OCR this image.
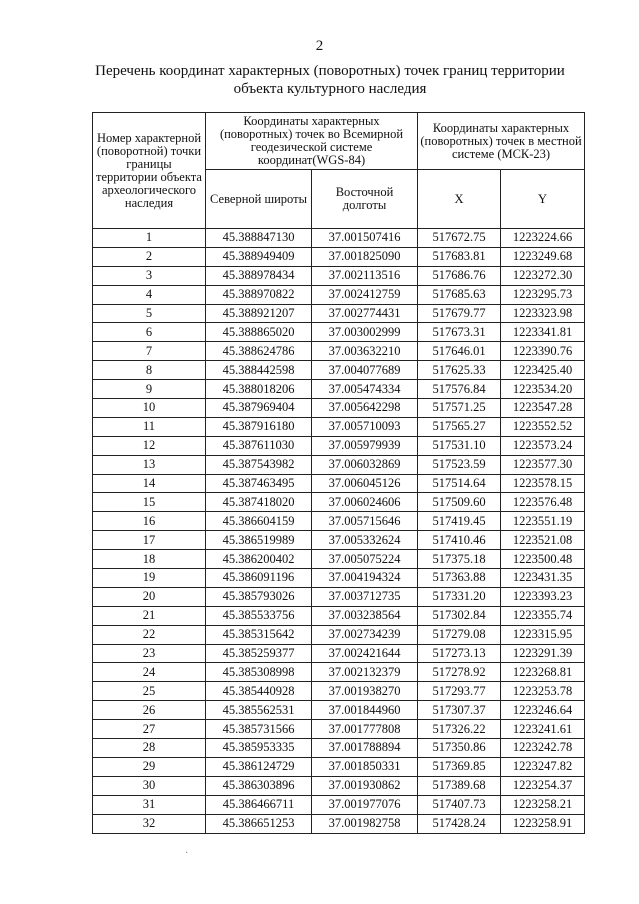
2
Перечень координат характерных (поворотных) точек границ территории
объекта культурного наследия
Номер характерной (поворотной) точки границы территории объекта археологического наследия	Координаты характерных (поворотных) точек во Всемирной геодезической системе координат(WGS-84)		Координаты характерных (поворотных) точек в местной системе (МСК-23)	
	Северной широты	Восточной долготы	X	Y
1	45.388847130	37.001507416	517672.75	1223224.66
2	45.388949409	37.001825090	517683.81	1223249.68
3	45.388978434	37.002113516	517686.76	1223272.30
4	45.388970822	37.002412759	517685.63	1223295.73
5	45.388921207	37.002774431	517679.77	1223323.98
6	45.388865020	37.003002999	517673.31	1223341.81
7	45.388624786	37.003632210	517646.01	1223390.76
8	45.388442598	37.004077689	517625.33	1223425.40
9	45.388018206	37.005474334	517576.84	1223534.20
10	45.387969404	37.005642298	517571.25	1223547.28
11	45.387916180	37.005710093	517565.27	1223552.52
12	45.387611030	37.005979939	517531.10	1223573.24
13	45.387543982	37.006032869	517523.59	1223577.30
14	45.387463495	37.006045126	517514.64	1223578.15
15	45.387418020	37.006024606	517509.60	1223576.48
16	45.386604159	37.005715646	517419.45	1223551.19
17	45.386519989	37.005332624	517410.46	1223521.08
18	45.386200402	37.005075224	517375.18	1223500.48
19	45.386091196	37.004194324	517363.88	1223431.35
20	45.385793026	37.003712735	517331.20	1223393.23
21	45.385533756	37.003238564	517302.84	1223355.74
22	45.385315642	37.002734239	517279.08	1223315.95
23	45.385259377	37.002421644	517273.13	1223291.39
24	45.385308998	37.002132379	517278.92	1223268.81
25	45.385440928	37.001938270	517293.77	1223253.78
26	45.385562531	37.001844960	517307.37	1223246.64
27	45.385731566	37.001777808	517326.22	1223241.61
28	45.385953335	37.001788894	517350.86	1223242.78
29	45.386124729	37.001850331	517369.85	1223247.82
30	45.386303896	37.001930862	517389.68	1223254.37
31	45.386466711	37.001977076	517407.73	1223258.21
32	45.386651253	37.001982758	517428.24	1223258.91
·
